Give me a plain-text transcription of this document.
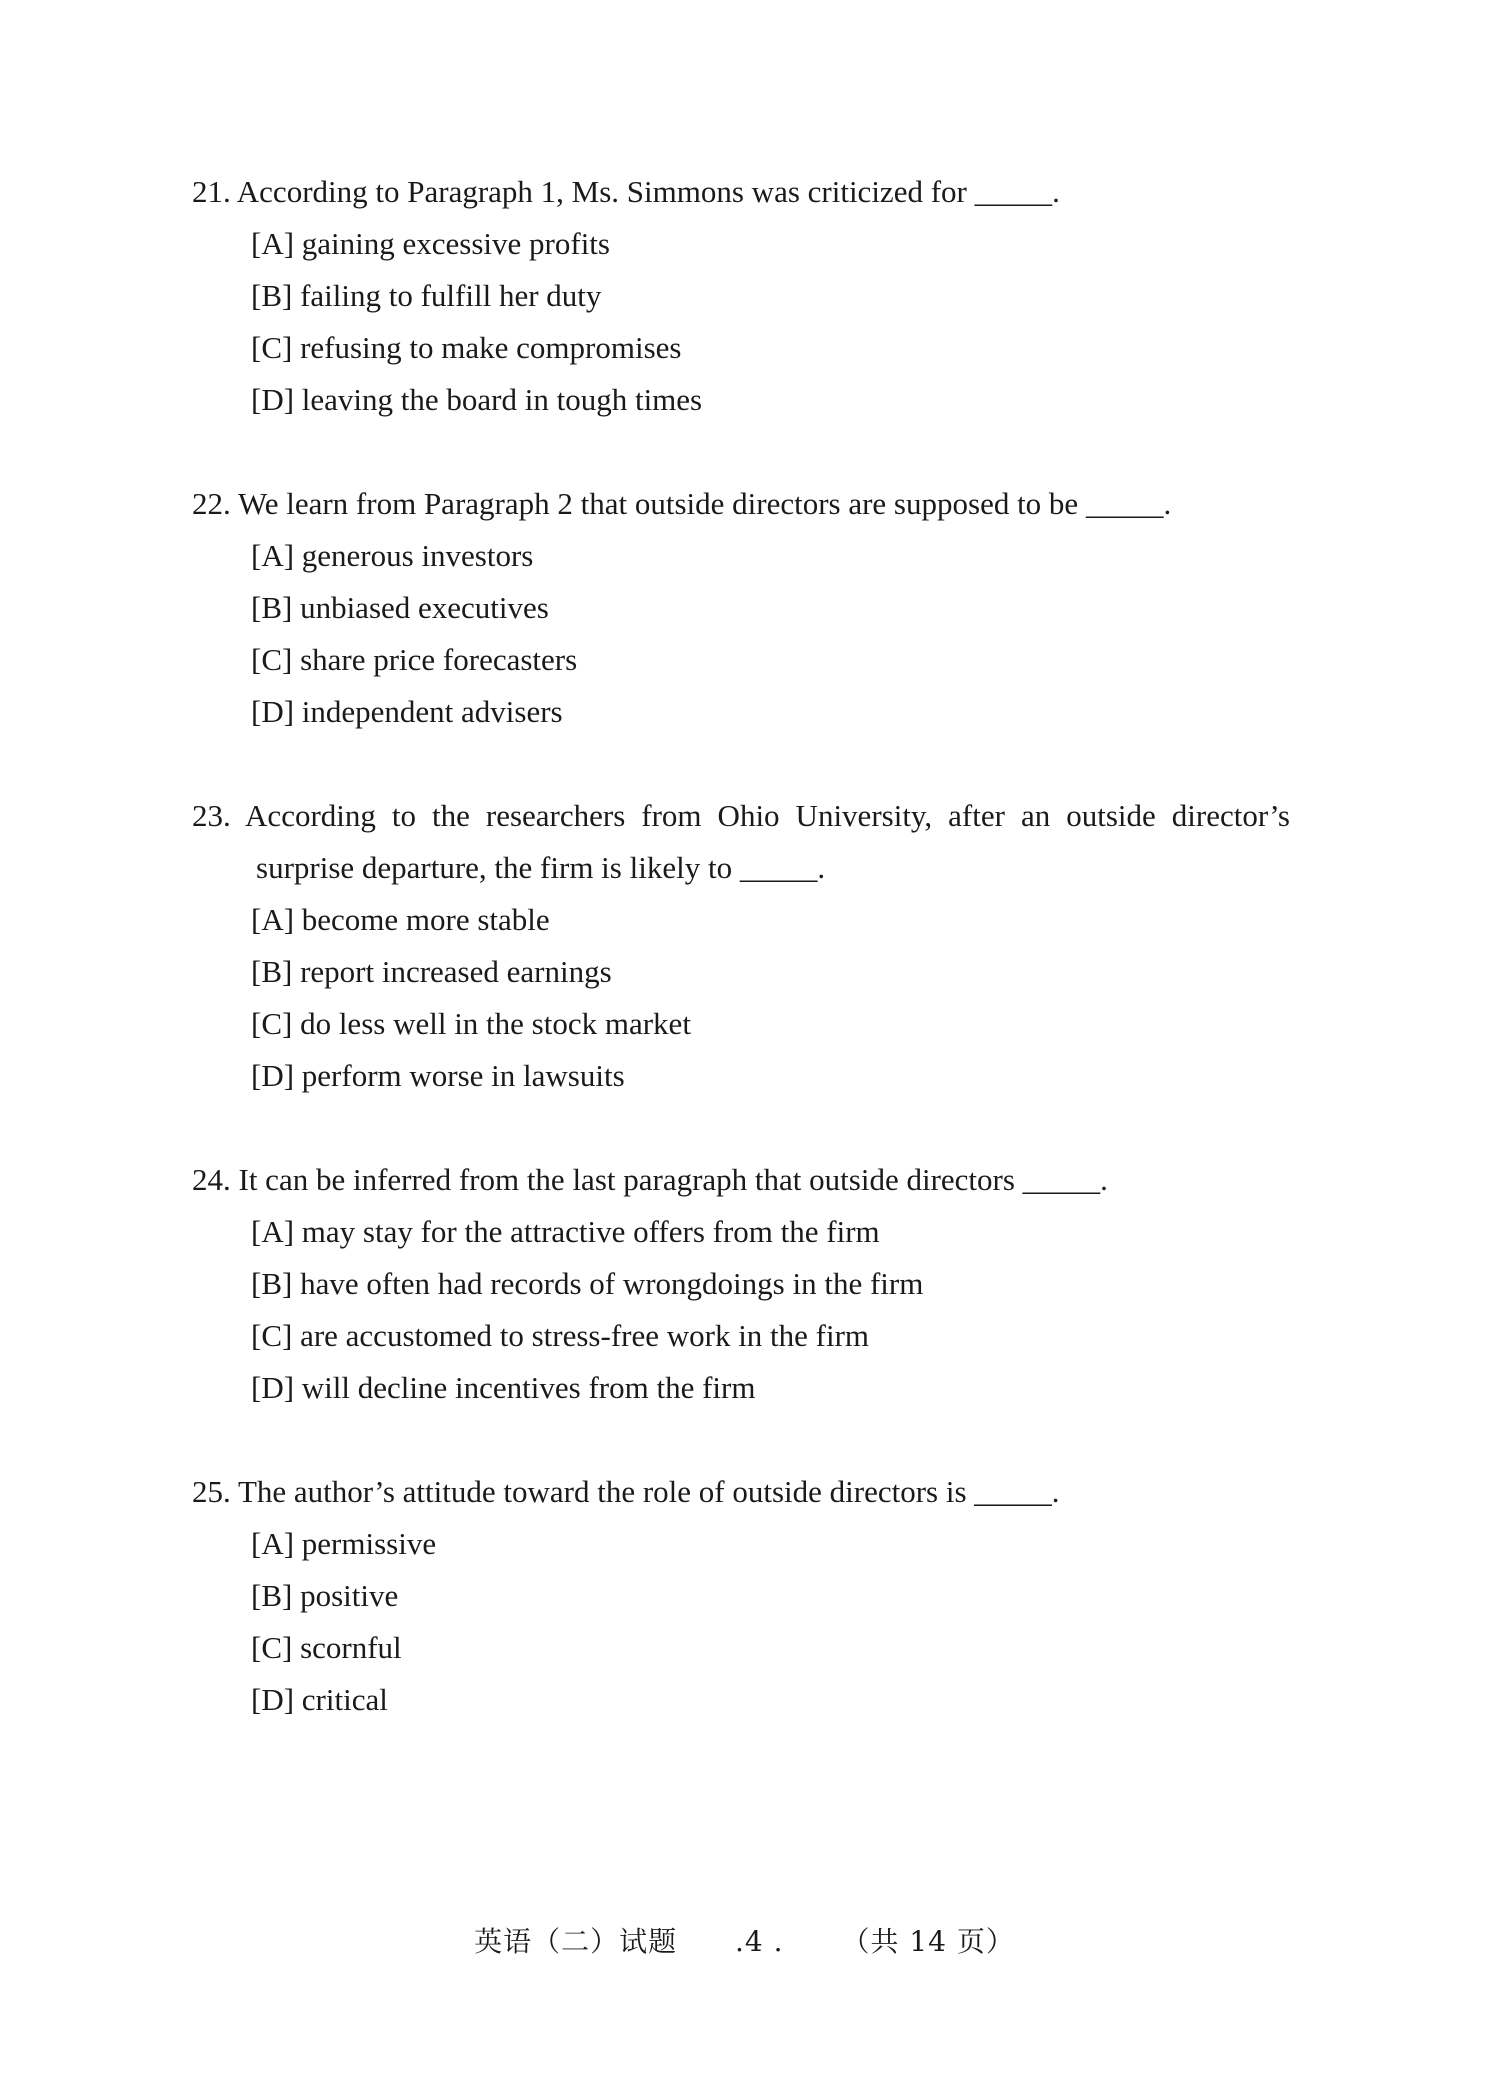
21. According to Paragraph 1, Ms. Simmons was criticized for _____.

[A] gaining excessive profits
[B] failing to fulfill her duty
[C] refusing to make compromises
[D] leaving the board in tough times

22. We learn from Paragraph 2 that outside directors are supposed to be _____.

[A] generous investors
[B] unbiased executives
[C] share price forecasters
[D] independent advisers

23. According to the researchers from Ohio University, after an outside director’s
surprise departure, the firm is likely to _____.

[A] become more stable
[B] report increased earnings
[C] do less well in the stock market
[D] perform worse in lawsuits

24. It can be inferred from the last paragraph that outside directors _____.

[A] may stay for the attractive offers from the firm
[B] have often had records of wrongdoings in the firm
[C] are accustomed to stress-free work in the firm
[D] will decline incentives from the firm

25. The author’s attitude toward the role of outside directors is _____.

[A] permissive
[B] positive
[C] scornful
[D] critical
英语（二）试题 .4 . （共 14 页）
